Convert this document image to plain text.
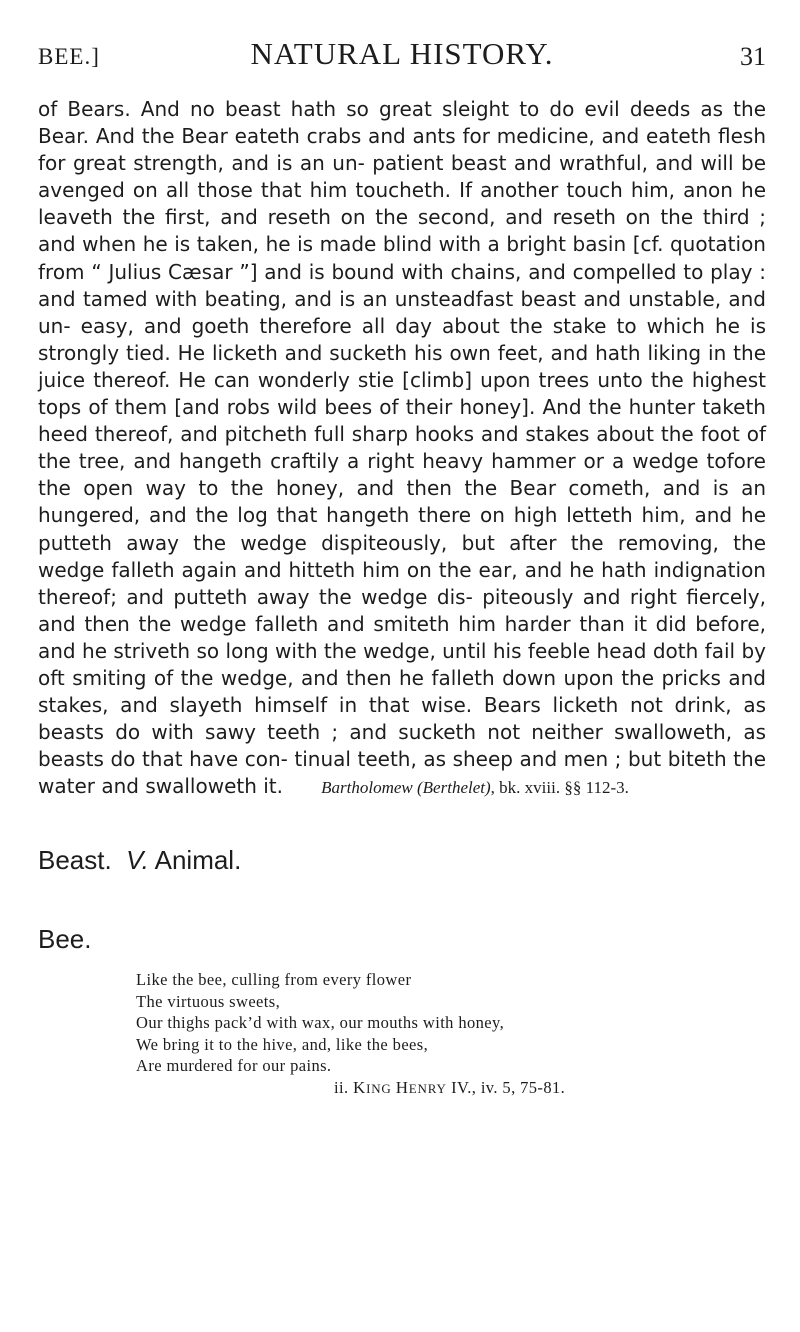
BEE.]	NATURAL HISTORY.	31

of Bears. And no beast hath so great sleight to do evil deeds as the Bear. And the Bear eateth crabs and ants for medicine, and eateth flesh for great strength, and is an un- patient beast and wrathful, and will be avenged on all those that him toucheth. If another touch him, anon he leaveth the first, and reseth on the second, and reseth on the third ; and when he is taken, he is made blind with a bright basin [cf. quotation from “ Julius Cæsar ”] and is bound with chains, and compelled to play : and tamed with beating, and is an unsteadfast beast and unstable, and un- easy, and goeth therefore all day about the stake to which he is strongly tied. He licketh and sucketh his own feet, and hath liking in the juice thereof. He can wonderly stie [climb] upon trees unto the highest tops of them [and robs wild bees of their honey]. And the hunter taketh heed thereof, and pitcheth full sharp hooks and stakes about the foot of the tree, and hangeth craftily a right heavy hammer or a wedge tofore the open way to the honey, and then the Bear cometh, and is an hungered, and the log that hangeth there on high letteth him, and he putteth away the wedge dispiteously, but after the removing, the wedge falleth again and hitteth him on the ear, and he hath indignation thereof; and putteth away the wedge dis- piteously and right fiercely, and then the wedge falleth and smiteth him harder than it did before, and he striveth so long with the wedge, until his feeble head doth fail by oft smiting of the wedge, and then he falleth down upon the pricks and stakes, and slayeth himself in that wise. Bears licketh not drink, as beasts do with sawy teeth ; and sucketh not neither swalloweth, as beasts do that have con- tinual teeth, as sheep and men ; but biteth the water and swalloweth it. Bartholomew (Berthelet), bk. xviii. §§ 112-3.

Beast. V. Animal.

Bee.

Like the bee, culling from every flower
The virtuous sweets,
Our thighs pack’d with wax, our mouths with honey,
We bring it to the hive, and, like the bees,
Are murdered for our pains.
ii. KING HENRY IV., iv. 5, 75-81.
